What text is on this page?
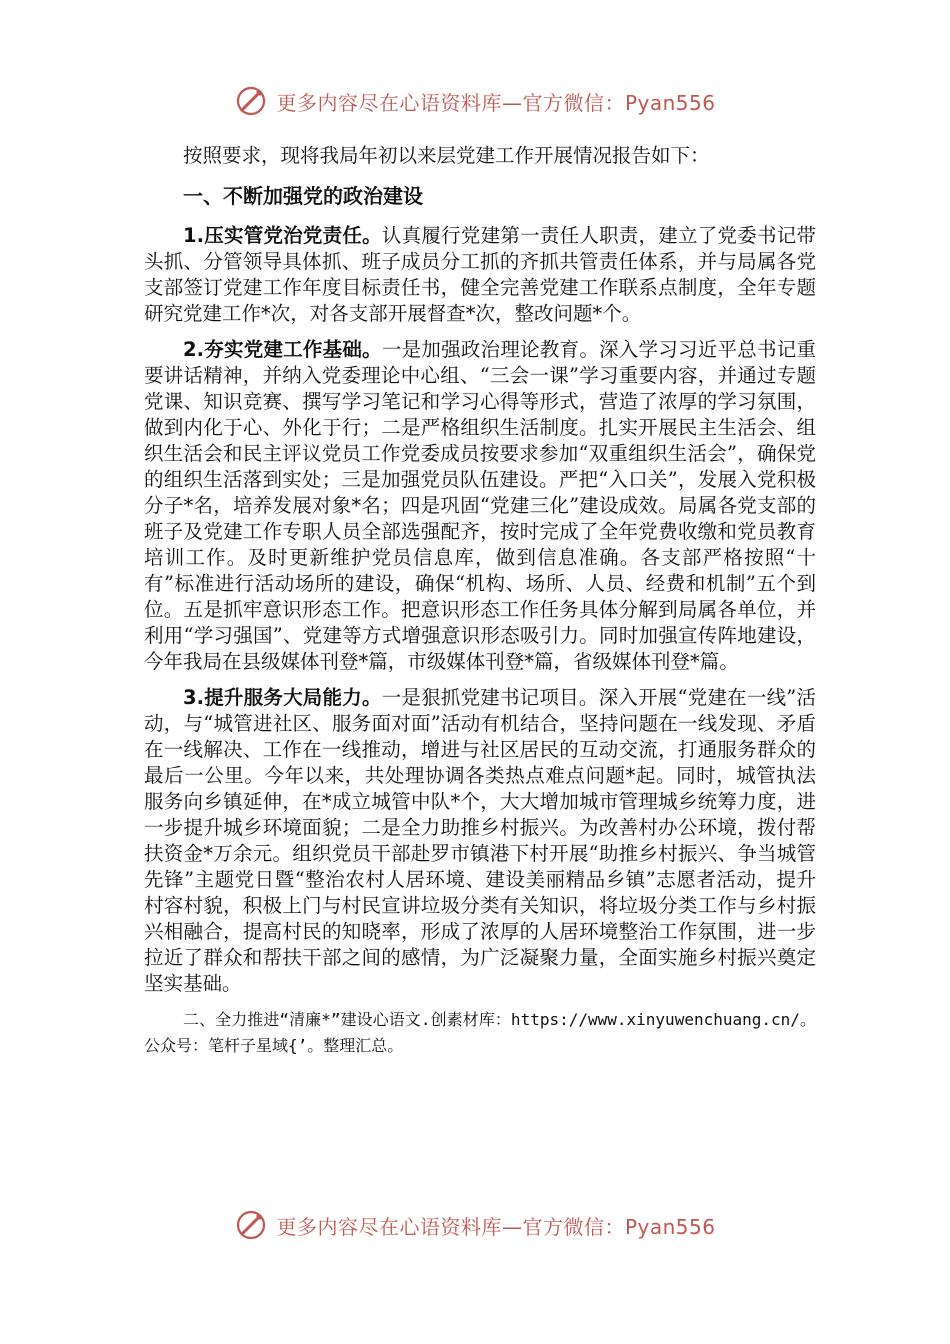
更多内容尽在心语资料库—官方微信：Pyan556

按照要求，现将我局年初以来层党建工作开展情况报告如下：

一、不断加强党的政治建设

1.压实管党治党责任。认真履行党建第一责任人职责，建立了党委书记带头抓、分管领导具体抓、班子成员分工抓的齐抓共管责任体系，并与局属各党支部签订党建工作年度目标责任书，健全完善党建工作联系点制度，全年专题研究党建工作*次，对各支部开展督查*次，整改问题*个。

2.夯实党建工作基础。一是加强政治理论教育。深入学习习近平总书记重要讲话精神，并纳入党委理论中心组、“三会一课”学习重要内容，并通过专题党课、知识竞赛、撰写学习笔记和学习心得等形式，营造了浓厚的学习氛围，做到内化于心、外化于行；二是严格组织生活制度。扎实开展民主生活会、组织生活会和民主评议党员工作党委成员按要求参加“双重组织生活会”，确保党的组织生活落到实处；三是加强党员队伍建设。严把“入口关”，发展入党积极分子*名，培养发展对象*名；四是巩固“党建三化”建设成效。局属各党支部的班子及党建工作专职人员全部选强配齐，按时完成了全年党费收缴和党员教育培训工作。及时更新维护党员信息库，做到信息准确。各支部严格按照“十有”标准进行活动场所的建设，确保“机构、场所、人员、经费和机制”五个到位。五是抓牢意识形态工作。把意识形态工作任务具体分解到局属各单位，并利用“学习强国”、党建等方式增强意识形态吸引力。同时加强宣传阵地建设，今年我局在县级媒体刊登*篇，市级媒体刊登*篇，省级媒体刊登*篇。

3.提升服务大局能力。一是狠抓党建书记项目。深入开展“党建在一线”活动，与“城管进社区、服务面对面”活动有机结合，坚持问题在一线发现、矛盾在一线解决、工作在一线推动，增进与社区居民的互动交流，打通服务群众的最后一公里。今年以来，共处理协调各类热点难点问题*起。同时，城管执法服务向乡镇延伸，在*成立城管中队*个，大大增加城市管理城乡统筹力度，进一步提升城乡环境面貌；二是全力助推乡村振兴。为改善村办公环境，拨付帮扶资金*万余元。组织党员干部赴罗市镇港下村开展“助推乡村振兴、争当城管先锋”主题党日暨“整治农村人居环境、建设美丽精品乡镇”志愿者活动，提升村容村貌，积极上门与村民宣讲垃圾分类有关知识，将垃圾分类工作与乡村振兴相融合，提高村民的知晓率，形成了浓厚的人居环境整治工作氛围，进一步拉近了群众和帮扶干部之间的感情，为广泛凝聚力量，全面实施乡村振兴奠定坚实基础。

二、全力推进“清廉*”建设心语文.创素材库：https://www.xinyuwenchuang.cn/。公众号：笔杆子星域{’。整理汇总。

更多内容尽在心语资料库—官方微信：Pyan556
